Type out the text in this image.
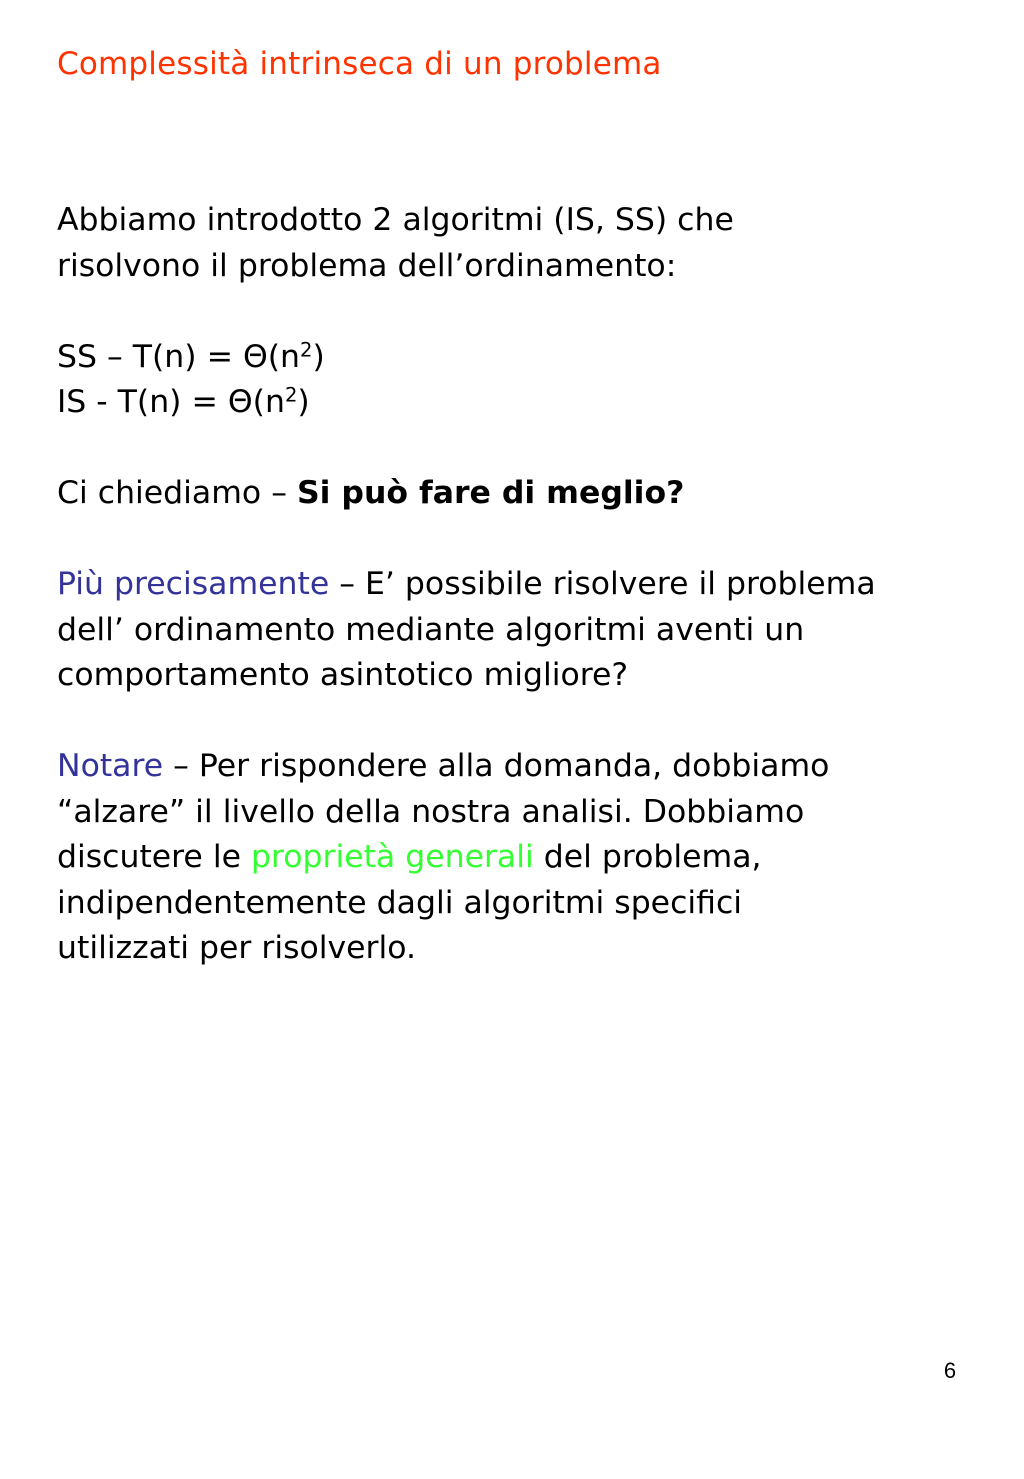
Complessità intrinseca di un problema

Abbiamo introdotto 2 algoritmi (IS, SS) che

risolvono il problema dell’ordinamento:

SS – $T(n) = \Theta(n^2)$

IS - $T(n) = \Theta(n^2)$

Ci chiediamo – Si può fare di meglio?

Più precisamente – E’ possibile risolvere il problema

dell’ ordinamento mediante algoritmi aventi un

comportamento asintotico migliore?

Notare – Per rispondere alla domanda, dobbiamo

“alzare” il livello della nostra analisi. Dobbiamo

discutere le proprietà generali del problema,

indipendentemente dagli algoritmi specifici

utilizzati per risolverlo.

6
